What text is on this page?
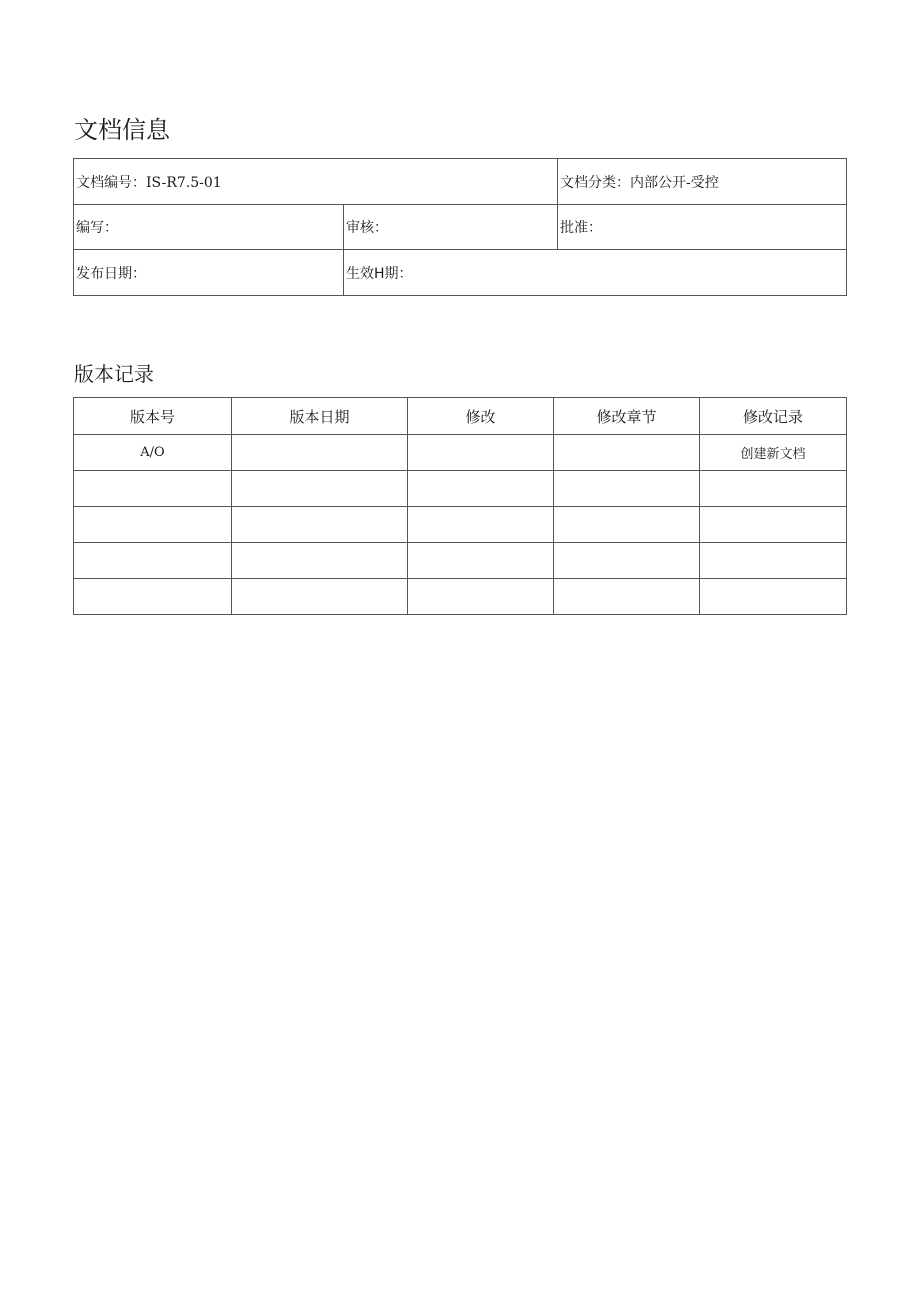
文档信息
文档编号：IS-R7.5-01		文档分类：内部公开-受控
编写：	审核：	批准：
发布日期：	生效H期：	
版本记录
版本号	版本日期	修改	修改章节	修改记录
A/O				创建新文档
